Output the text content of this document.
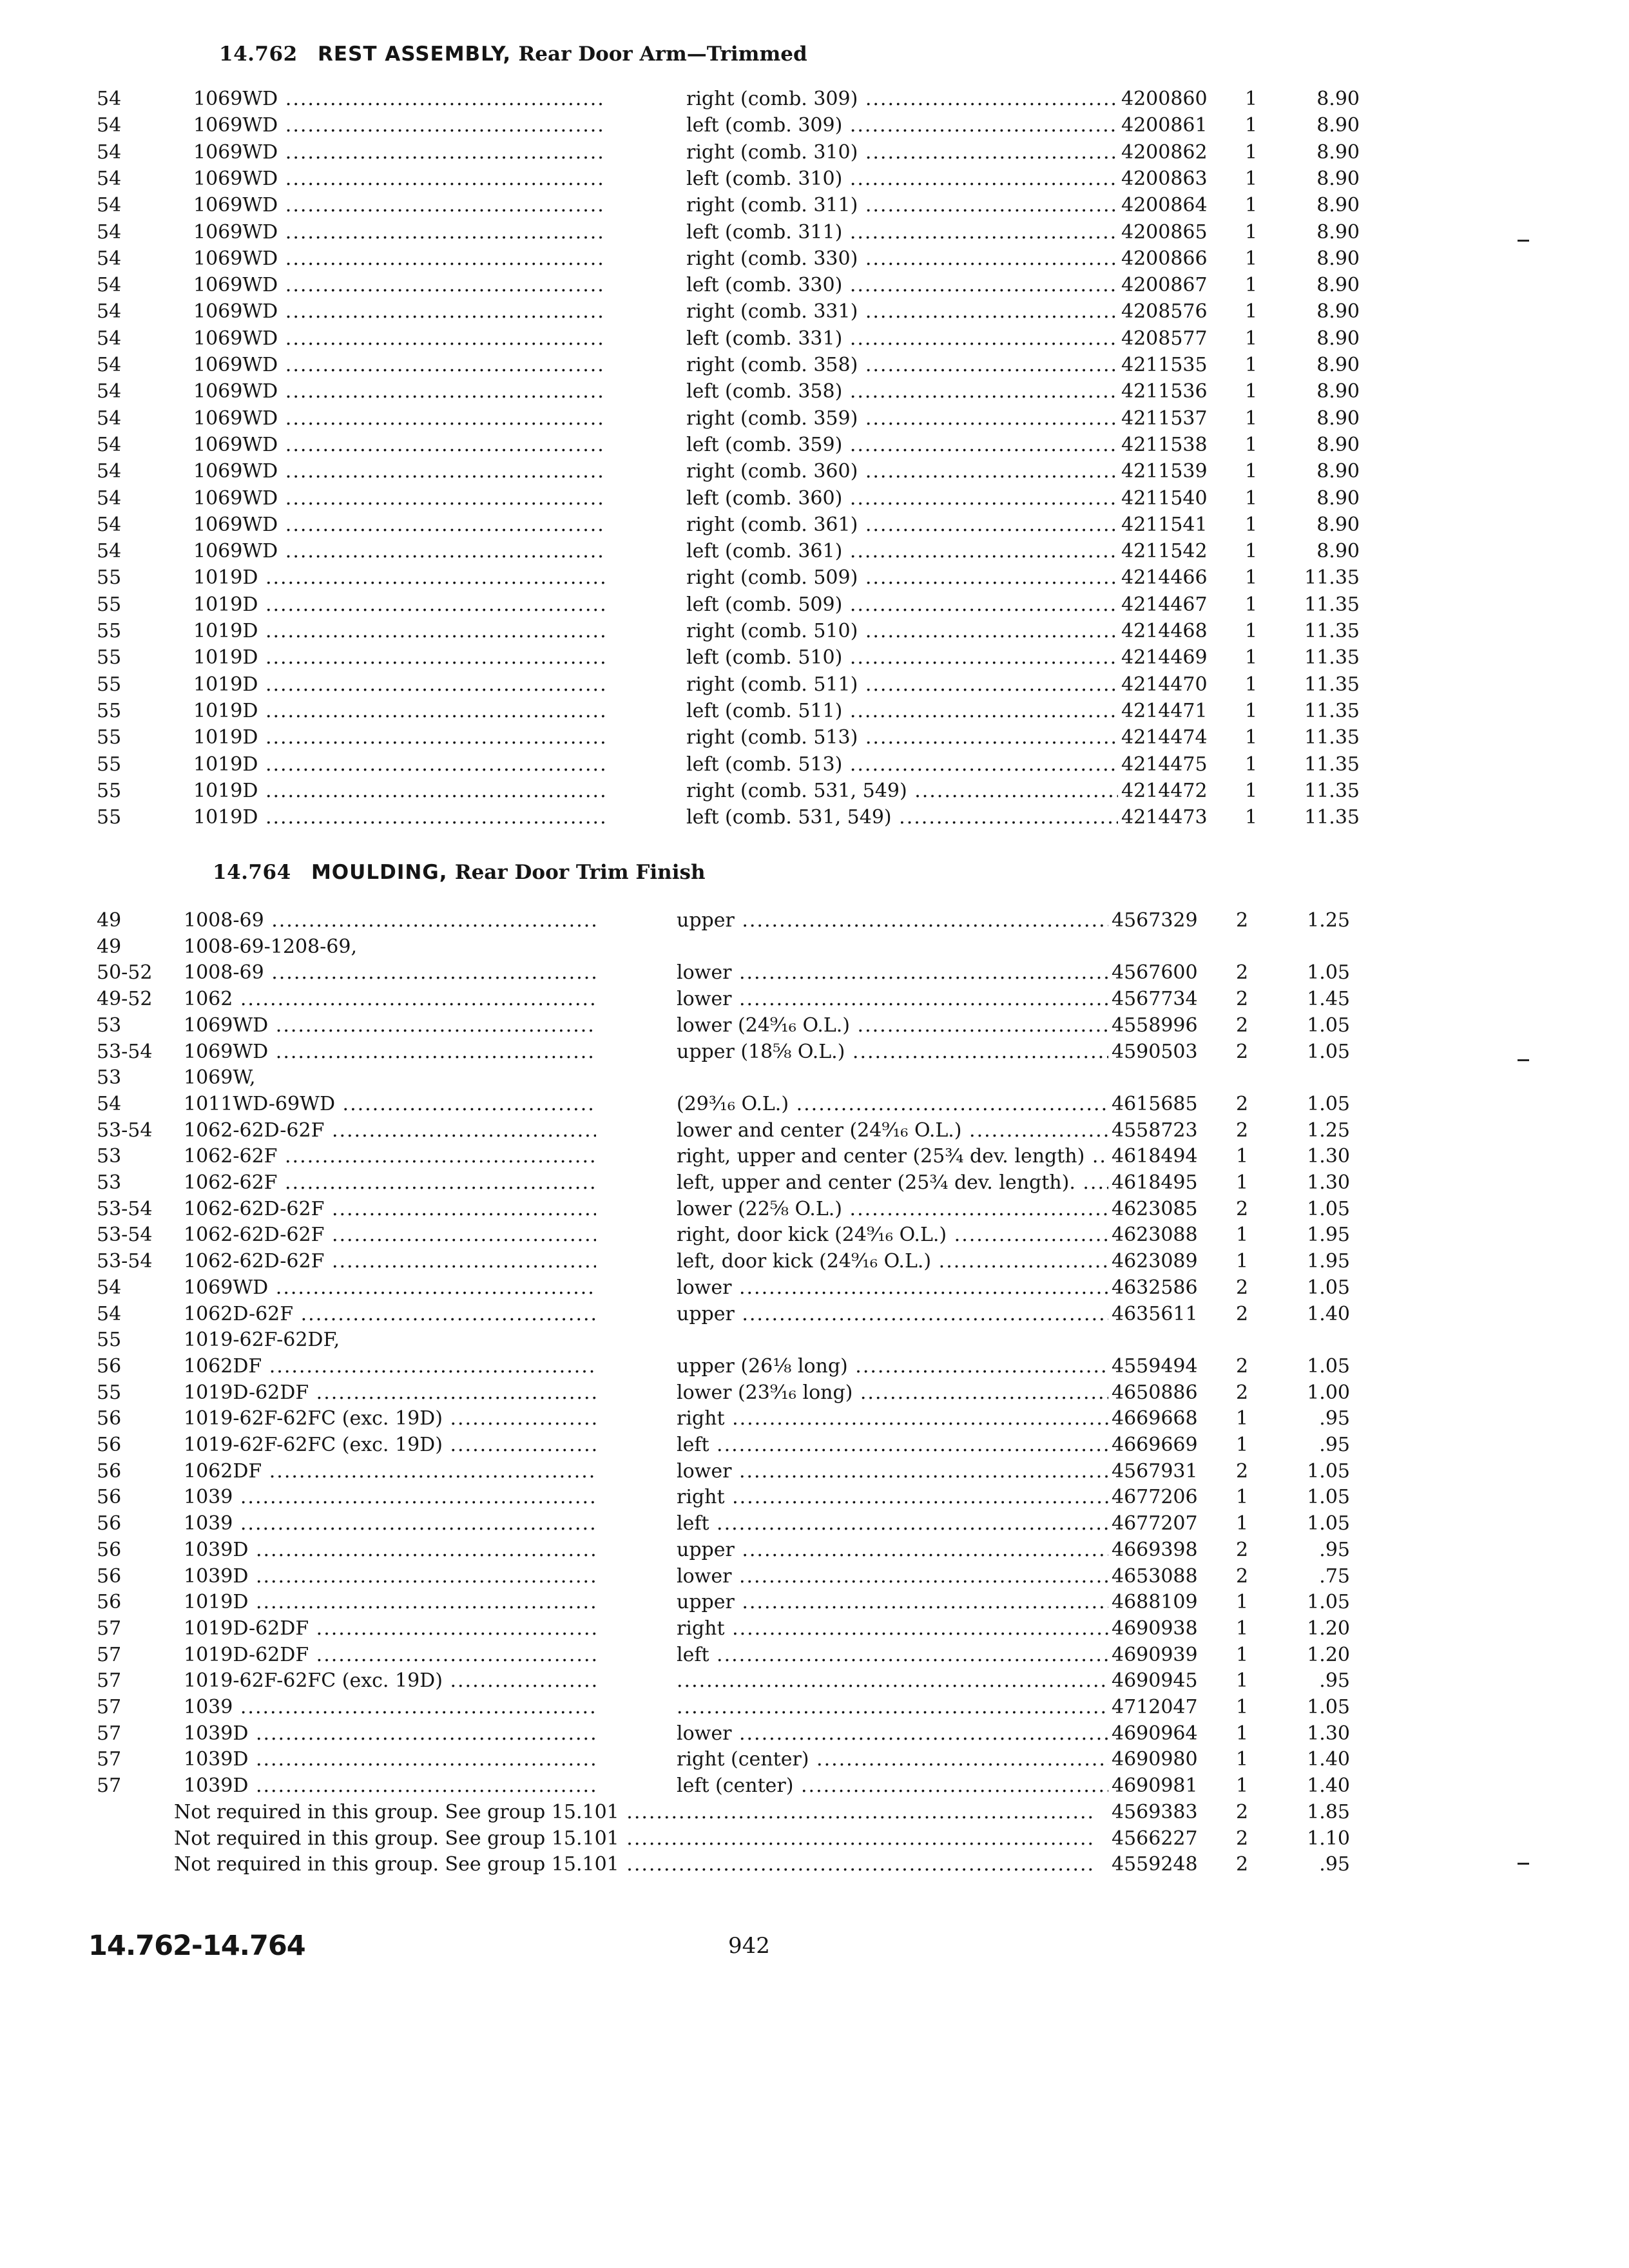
14.762 REST ASSEMBLY, Rear Door Arm—Trimmed
54	1069WD .....	right (comb. 309) .....	4200860	1	8.90
54	1069WD .....	left (comb. 309) .....	4200861	1	8.90
54	1069WD .....	right (comb. 310) .....	4200862	1	8.90
54	1069WD .....	left (comb. 310) .....	4200863	1	8.90
54	1069WD .....	right (comb. 311) .....	4200864	1	8.90
54	1069WD .....	left (comb. 311) .....	4200865	1	8.90
54	1069WD .....	right (comb. 330) .....	4200866	1	8.90
54	1069WD .....	left (comb. 330) .....	4200867	1	8.90
54	1069WD .....	right (comb. 331) .....	4208576	1	8.90
54	1069WD .....	left (comb. 331) .....	4208577	1	8.90
54	1069WD .....	right (comb. 358) .....	4211535	1	8.90
54	1069WD .....	left (comb. 358) .....	4211536	1	8.90
54	1069WD .....	right (comb. 359) .....	4211537	1	8.90
54	1069WD .....	left (comb. 359) .....	4211538	1	8.90
54	1069WD .....	right (comb. 360) .....	4211539	1	8.90
54	1069WD .....	left (comb. 360) .....	4211540	1	8.90
54	1069WD .....	right (comb. 361) .....	4211541	1	8.90
54	1069WD .....	left (comb. 361) .....	4211542	1	8.90
55	1019D .....	right (comb. 509) .....	4214466	1	11.35
55	1019D .....	left (comb. 509) .....	4214467	1	11.35
55	1019D .....	right (comb. 510) .....	4214468	1	11.35
55	1019D .....	left (comb. 510) .....	4214469	1	11.35
55	1019D .....	right (comb. 511) .....	4214470	1	11.35
55	1019D .....	left (comb. 511) .....	4214471	1	11.35
55	1019D .....	right (comb. 513) .....	4214474	1	11.35
55	1019D .....	left (comb. 513) .....	4214475	1	11.35
55	1019D .....	right (comb. 531, 549) .....	4214472	1	11.35
55	1019D .....	left (comb. 531, 549) .....	4214473	1	11.35
14.764 MOULDING, Rear Door Trim Finish
49	1008-69 .....	upper .....	4567329	2	1.25
49	1008-69-1208-69,
50-52	1008-69 .....	lower .....	4567600	2	1.05
49-52	1062 .....	lower .....	4567734	2	1.45
53	1069WD .....	lower (24⁹⁄₁₆ O.L.) .....	4558996	2	1.05
53-54	1069WD .....	upper (18⅝ O.L.) .....	4590503	2	1.05
53	1069W,
54	1011WD-69WD .....	(29³⁄₁₆ O.L.) .....	4615685	2	1.05
53-54	1062-62D-62F .....	lower and center (24⁹⁄₁₆ O.L.) .....	4558723	2	1.25
53	1062-62F .....	right, upper and center (25¾ dev. length) .....	4618494	1	1.30
53	1062-62F .....	left, upper and center (25¾ dev. length). .....	4618495	1	1.30
53-54	1062-62D-62F .....	lower (22⅝ O.L.) .....	4623085	2	1.05
53-54	1062-62D-62F .....	right, door kick (24⁹⁄₁₆ O.L.) .....	4623088	1	1.95
53-54	1062-62D-62F .....	left, door kick (24⁹⁄₁₆ O.L.) .....	4623089	1	1.95
54	1069WD .....	lower .....	4632586	2	1.05
54	1062D-62F .....	upper .....	4635611	2	1.40
55	1019-62F-62DF,
56	1062DF .....	upper (26⅛ long) .....	4559494	2	1.05
55	1019D-62DF .....	lower (23⁹⁄₁₆ long) .....	4650886	2	1.00
56	1019-62F-62FC (exc. 19D) .....	right .....	4669668	1	.95
56	1019-62F-62FC (exc. 19D) .....	left .....	4669669	1	.95
56	1062DF .....	lower .....	4567931	2	1.05
56	1039 .....	right .....	4677206	1	1.05
56	1039 .....	left .....	4677207	1	1.05
56	1039D .....	upper .....	4669398	2	.95
56	1039D .....	lower .....	4653088	2	.75
56	1019D .....	upper .....	4688109	1	1.05
57	1019D-62DF .....	right .....	4690938	1	1.20
57	1019D-62DF .....	left .....	4690939	1	1.20
57	1019-62F-62FC (exc. 19D) ..... .....	4690945	1	.95
57	1039 ..... .....	4712047	1	1.05
57	1039D .....	lower .....	4690964	1	1.30
57	1039D .....	right (center) .....	4690980	1	1.40
57	1039D .....	left (center) .....	4690981	1	1.40
Not required in this group. See group 15.101 .....	4569383	2	1.85
Not required in this group. See group 15.101 .....	4566227	2	1.10
Not required in this group. See group 15.101 .....	4559248	2	.95
14.762-14.764	942
